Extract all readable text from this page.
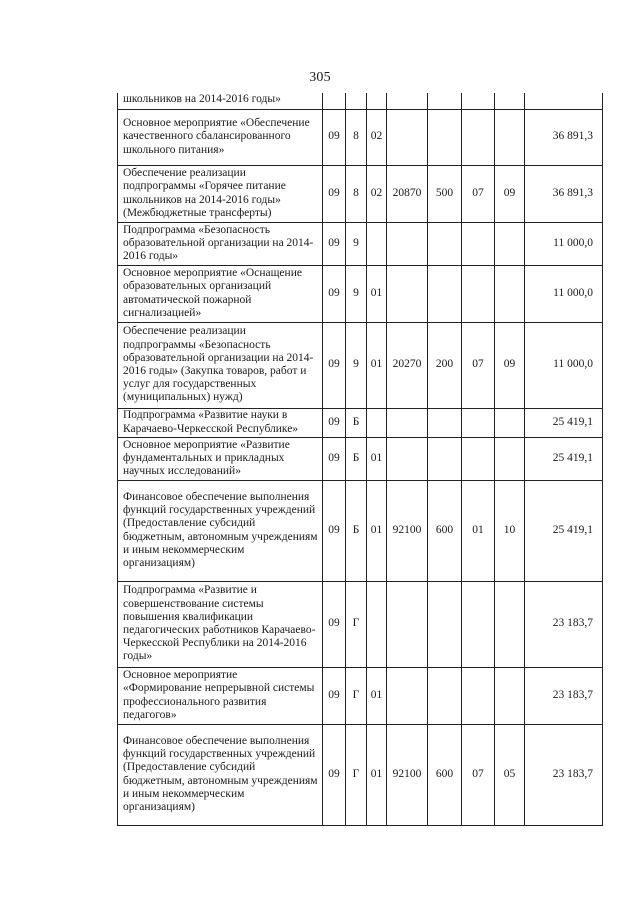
305
школьников на 2014-2016 годы»								
Основное мероприятие «Обеспечение качественного сбалансированного школьного питания»	09	8	02					36 891,3
Обеспечение реализации подпрограммы «Горячее питание школьников на 2014-2016 годы» (Межбюджетные трансферты)	09	8	02	20870	500	07	09	36 891,3
Подпрограмма «Безопасность образовательной организации на 2014-2016 годы»	09	9						11 000,0
Основное мероприятие «Оснащение образовательных организаций автоматической пожарной сигнализацией»	09	9	01					11 000,0
Обеспечение реализации подпрограммы «Безопасность образовательной организации на 2014-2016 годы» (Закупка товаров, работ и услуг для государственных (муниципальных) нужд)	09	9	01	20270	200	07	09	11 000,0
Подпрограмма «Развитие науки в Карачаево-Черкесской Республике»	09	Б						25 419,1
Основное мероприятие «Развитие фундаментальных и прикладных научных исследований»	09	Б	01					25 419,1
Финансовое обеспечение выполнения функций государственных учреждений (Предоставление субсидий бюджетным, автономным учреждениям и иным некоммерческим организациям)	09	Б	01	92100	600	01	10	25 419,1
Подпрограмма «Развитие и совершенствование системы повышения квалификации педагогических работников Карачаево-Черкесской Республики на 2014-2016 годы»	09	Г						23 183,7
Основное мероприятие «Формирование непрерывной системы профессионального развития педагогов»	09	Г	01					23 183,7
Финансовое обеспечение выполнения функций государственных учреждений (Предоставление субсидий бюджетным, автономным учреждениям и иным некоммерческим организациям)	09	Г	01	92100	600	07	05	23 183,7
